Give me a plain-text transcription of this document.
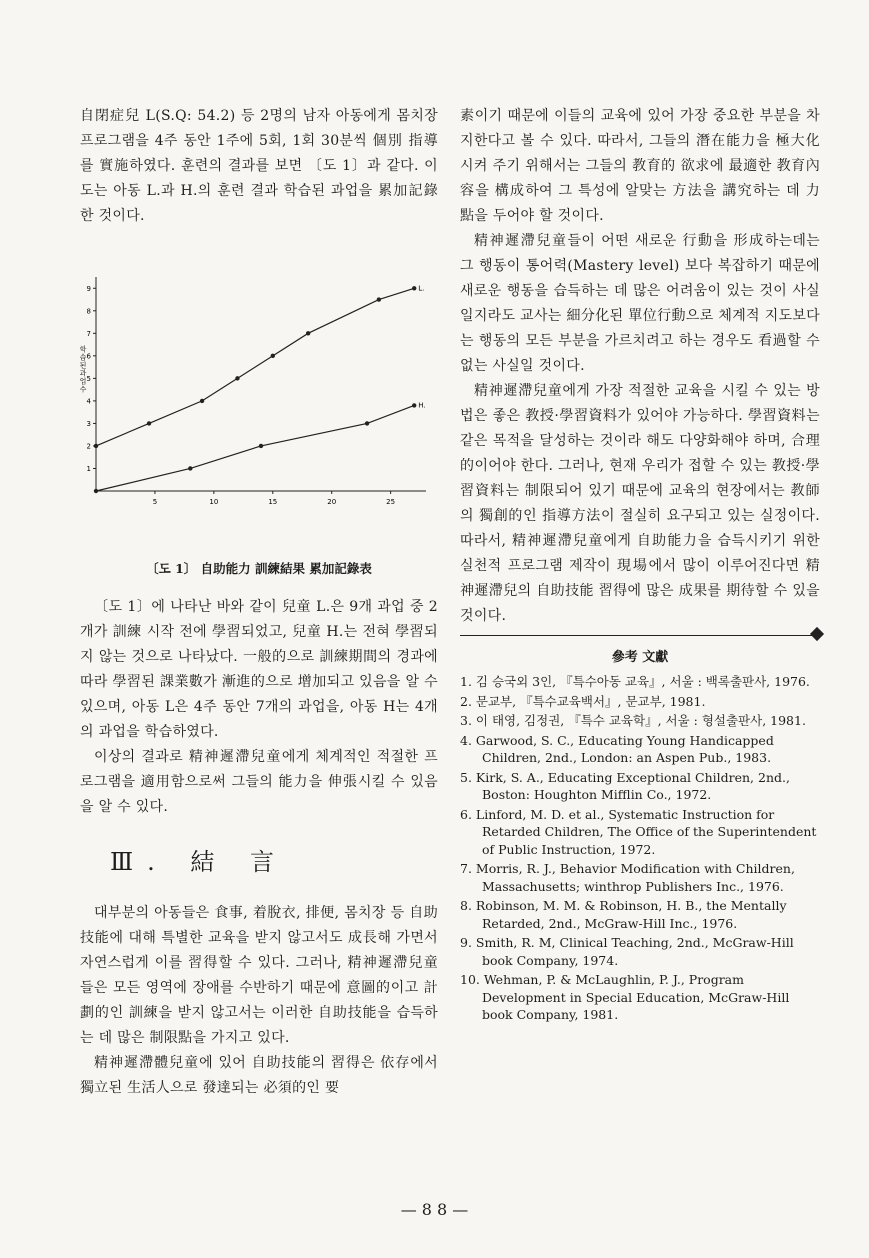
自閉症兒 L(S.Q: 54.2) 등 2명의 남자 아동에게 몸치장 프로그램을 4주 동안 1주에 5회, 1회 30분씩 個別 指導를 實施하였다. 훈련의 결과를 보면 〔도 1〕과 같다. 이 도는 아동 L.과 H.의 훈련 결과 학습된 과업을 累加記錄한 것이다.

5	10	15	20	25
1
2
3
4
5
6
7
8
9
학 습 된 과 업 수
L.
H.
〔도 1〕 自助能力 訓練結果 累加記錄表

〔도 1〕에 나타난 바와 같이 兒童 L.은 9개 과업 중 2개가 訓練 시작 전에 學習되었고, 兒童 H.는 전혀 學習되지 않는 것으로 나타났다. 一般的으로 訓練期間의 경과에 따라 學習된 課業數가 漸進的으로 增加되고 있음을 알 수 있으며, 아동 L은 4주 동안 7개의 과업을, 아동 H는 4개의 과업을 학습하였다.

이상의 결과로 精神遲滯兒童에게 체계적인 적절한 프로그램을 適用함으로써 그들의 能力을 伸張시킬 수 있음을 알 수 있다.

Ⅲ. 結 言

대부분의 아동들은 食事, 着脫衣, 排便, 몸치장 등 自助技能에 대해 특별한 교육을 받지 않고서도 成長해 가면서 자연스럽게 이를 習得할 수 있다. 그러나, 精神遲滯兒童들은 모든 영역에 장애를 수반하기 때문에 意圖的이고 計劃的인 訓練을 받지 않고서는 이러한 自助技能을 습득하는 데 많은 制限點을 가지고 있다.

精神遲滯體兒童에 있어 自助技能의 習得은 依存에서 獨立된 生活人으로 發達되는 必須的인 要

素이기 때문에 이들의 교육에 있어 가장 중요한 부분을 차지한다고 볼 수 있다. 따라서, 그들의 潛在能力을 極大化시켜 주기 위해서는 그들의 教育的 欲求에 最適한 教育內容을 構成하여 그 특성에 알맞는 方法을 講究하는 데 力點을 두어야 할 것이다.

精神遲滯兒童들이 어떤 새로운 行動을 形成하는데는 그 행동이 통어력(Mastery level) 보다 복잡하기 때문에 새로운 행동을 습득하는 데 많은 어려움이 있는 것이 사실일지라도 교사는 細分化된 單位行動으로 체계적 지도보다는 행동의 모든 부분을 가르치려고 하는 경우도 看過할 수 없는 사실일 것이다.

精神遲滯兒童에게 가장 적절한 교육을 시킬 수 있는 방법은 좋은 教授·學習資料가 있어야 가능하다. 學習資料는 같은 목적을 달성하는 것이라 해도 다양화해야 하며, 合理的이어야 한다. 그러나, 현재 우리가 접할 수 있는 教授·學習資料는 制限되어 있기 때문에 교육의 현장에서는 教師의 獨創的인 指導方法이 절실히 요구되고 있는 실정이다. 따라서, 精神遲滯兒童에게 自助能力을 습득시키기 위한 실천적 프로그램 제작이 現場에서 많이 이루어진다면 精神遲滯兒의 自助技能 習得에 많은 成果를 期待할 수 있을 것이다.

參考 文獻
1. 김 승국외 3인, 『특수아동 교육』, 서울 : 백록출판사, 1976.
2. 문교부, 『특수교육백서』, 문교부, 1981.
3. 이 태영, 김정권, 『특수 교육학』, 서울 : 형설출판사, 1981.
4. Garwood, S. C., Educating Young Handicapped Children, 2nd., London: an Aspen Pub., 1983.
5. Kirk, S. A., Educating Exceptional Children, 2nd., Boston: Houghton Mifflin Co., 1972.
6. Linford, M. D. et al., Systematic Instruction for Retarded Children, The Office of the Superintendent of Public Instruction, 1972.
7. Morris, R. J., Behavior Modification with Children, Massachusetts; winthrop Publishers Inc., 1976.
8. Robinson, M. M. & Robinson, H. B., the Mentally Retarded, 2nd., McGraw-Hill Inc., 1976.
9. Smith, R. M, Clinical Teaching, 2nd., McGraw-Hill book Company, 1974.
10. Wehman, P. & McLaughlin, P. J., Program Development in Special Education, McGraw-Hill book Company, 1981.
— 8 8 —
